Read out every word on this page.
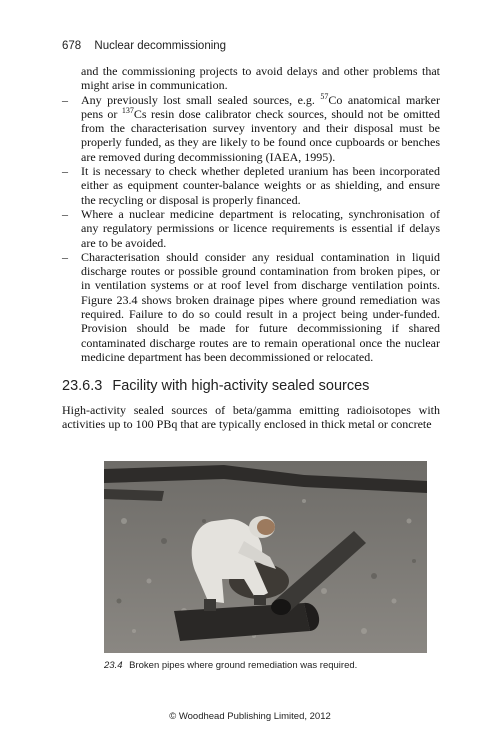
678 Nuclear decommissioning
and the commissioning projects to avoid delays and other problems that might arise in communication.
– Any previously lost small sealed sources, e.g. $^{57}$Co anatomical marker pens or $^{137}$Cs resin dose calibrator check sources, should not be omitted from the characterisation survey inventory and their disposal must be properly funded, as they are likely to be found once cupboards or benches are removed during decommissioning (IAEA, 1995).
– It is necessary to check whether depleted uranium has been incorporated either as equipment counter-balance weights or as shielding, and ensure the recycling or disposal is properly financed.
– Where a nuclear medicine department is relocating, synchronisation of any regulatory permissions or licence requirements is essential if delays are to be avoided.
– Characterisation should consider any residual contamination in liquid discharge routes or possible ground contamination from broken pipes, or in ventilation systems or at roof level from discharge ventilation points. Figure 23.4 shows broken drainage pipes where ground remediation was required. Failure to do so could result in a project being under-funded. Provision should be made for future decommissioning if shared contaminated discharge routes are to remain operational once the nuclear medicine department has been decommissioned or relocated.
23.6.3 Facility with high-activity sealed sources
High-activity sealed sources of beta/gamma emitting radioisotopes with activities up to 100 PBq that are typically enclosed in thick metal or concrete
23.4 Broken pipes where ground remediation was required.
© Woodhead Publishing Limited, 2012
